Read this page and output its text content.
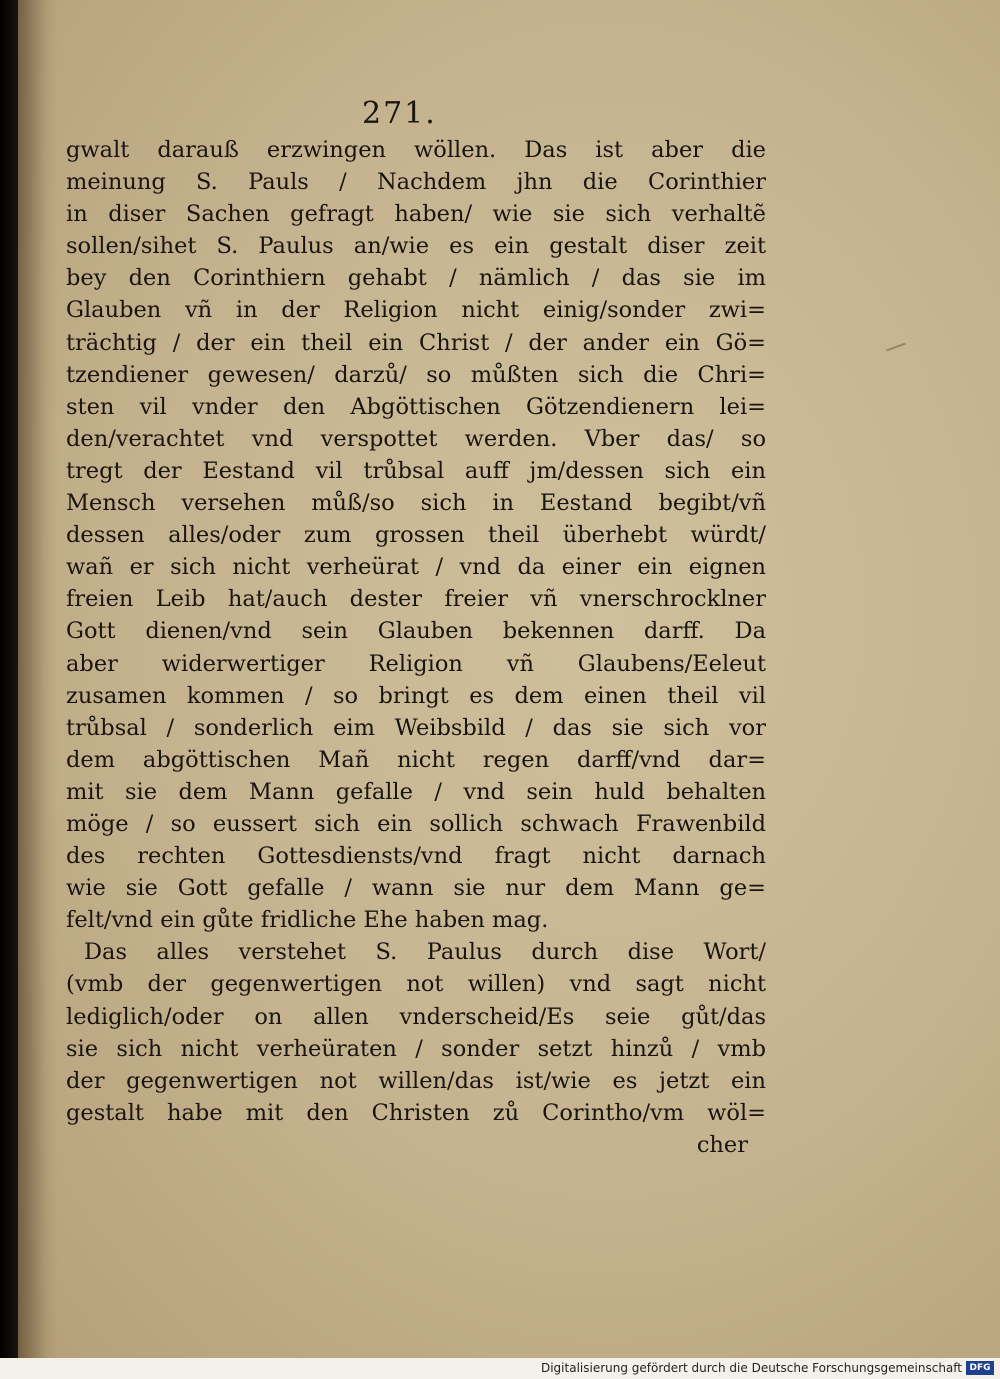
271.
gwalt darauß erzwingen wöllen. Das ist aber die
meinung S. Pauls / Nachdem jhn die Corinthier
in diser Sachen gefragt haben/ wie sie sich verhaltẽ
sollen/sihet S. Paulus an/wie es ein gestalt diser zeit
bey den Corinthiern gehabt / nämlich / das sie im
Glauben vñ in der Religion nicht einig/sonder zwi=
trächtig / der ein theil ein Christ / der ander ein Gö=
tzendiener gewesen/ darzů/ so můßten sich die Chri=
sten vil vnder den Abgöttischen Götzendienern lei=
den/verachtet vnd verspottet werden. Vber das/ so
tregt der Eestand vil trůbsal auff jm/dessen sich ein
Mensch versehen můß/so sich in Eestand begibt/vñ
dessen alles/oder zum grossen theil überhebt würdt/
wañ er sich nicht verheürat / vnd da einer ein eignen
freien Leib hat/auch dester freier vñ vnerschrocklner
Gott dienen/vnd sein Glauben bekennen darff. Da
aber widerwertiger Religion vñ Glaubens/Eeleut
zusamen kommen / so bringt es dem einen theil vil
trůbsal / sonderlich eim Weibsbild / das sie sich vor
dem abgöttischen Mañ nicht regen darff/vnd dar=
mit sie dem Mann gefalle / vnd sein huld behalten
möge / so eussert sich ein sollich schwach Frawenbild
des rechten Gottesdiensts/vnd fragt nicht darnach
wie sie Gott gefalle / wann sie nur dem Mann ge=
felt/vnd ein gůte fridliche Ehe haben mag.
Das alles verstehet S. Paulus durch dise Wort/
(vmb der gegenwertigen not willen) vnd sagt nicht
lediglich/oder on allen vnderscheid/Es seie gůt/das
sie sich nicht verheüraten / sonder setzt hinzů / vmb
der gegenwertigen not willen/das ist/wie es jetzt ein
gestalt habe mit den Christen zů Corintho/vm wöl=
cher
Digitalisierung gefördert durch die Deutsche Forschungsgemeinschaft DFG
